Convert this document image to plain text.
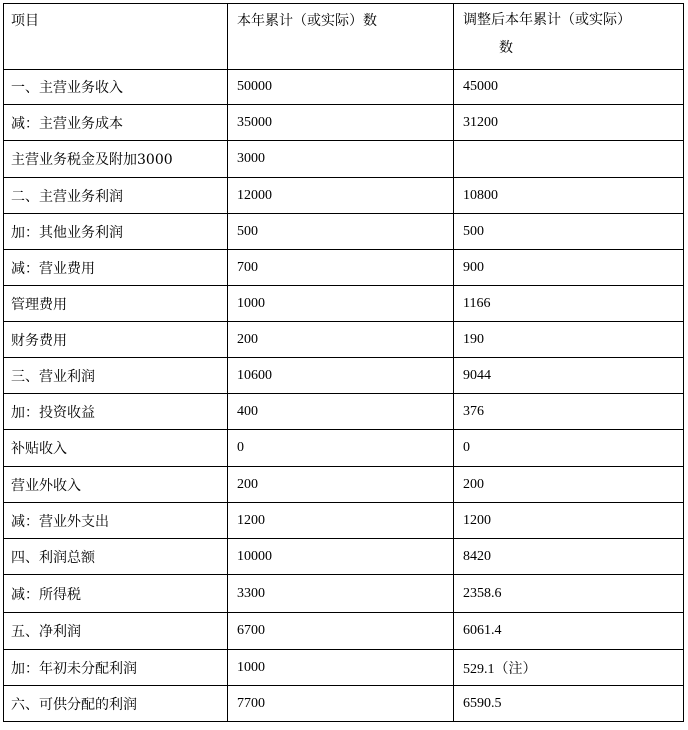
项目	本年累计（或实际）数	调整后本年累计（或实际）
数

一、主营业务收入	50000	45000
减：主营业务成本	35000	31200
主营业务税金及附加3000	3000	
二、主营业务利润	12000	10800
加：其他业务利润	500	500
减：营业费用	700	900
管理费用	1000	1166
财务费用	200	190
三、营业利润	10600	9044
加：投资收益	400	376
补贴收入	0	0
营业外收入	200	200
减：营业外支出	1200	1200
四、利润总额	10000	8420
减：所得税	3300	2358.6
五、净利润	6700	6061.4
加：年初未分配利润	1000	529.1（注）
六、可供分配的利润	7700	6590.5
